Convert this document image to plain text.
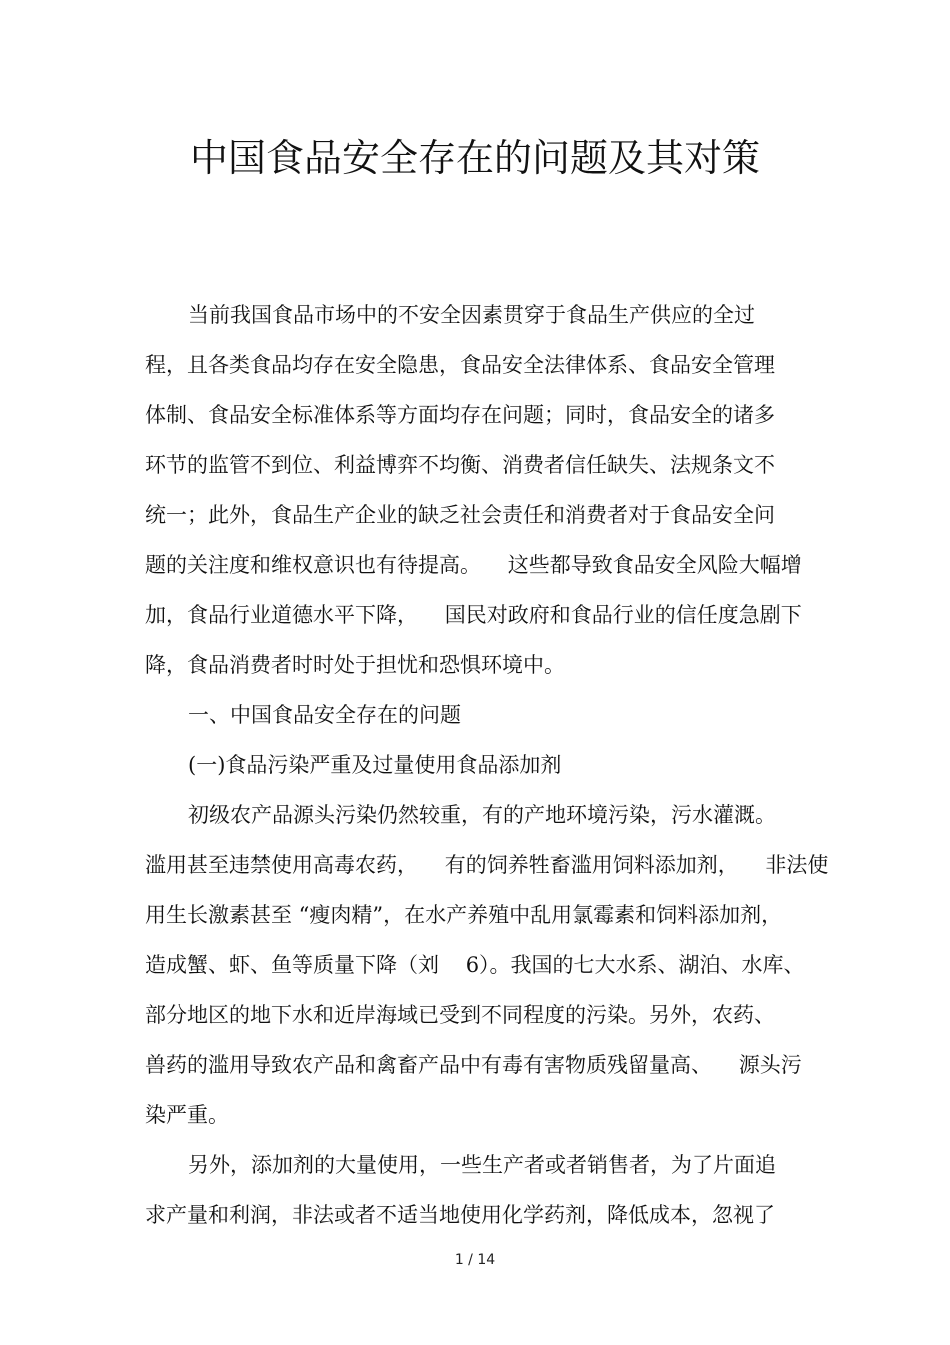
中国食品安全存在的问题及其对策

当前我国食品市场中的不安全因素贯穿于食品生产供应的全过

程，且各类食品均存在安全隐患，食品安全法律体系、食品安全管理

体制、食品安全标准体系等方面均存在问题；同时，食品安全的诸多

环节的监管不到位、利益博弈不均衡、消费者信任缺失、法规条文不

统一；此外，食品生产企业的缺乏社会责任和消费者对于食品安全问

题的关注度和维权意识也有待提高。    这些都导致食品安全风险大幅增

加，食品行业道德水平下降，    国民对政府和食品行业的信任度急剧下

降，食品消费者时时处于担忧和恐惧环境中。

一、中国食品安全存在的问题

(一)食品污染严重及过量使用食品添加剂

初级农产品源头污染仍然较重，有的产地环境污染，污水灌溉。

滥用甚至违禁使用高毒农药，    有的饲养牲畜滥用饲料添加剂，    非法使

用生长激素甚至 “瘦肉精”，在水产养殖中乱用氯霉素和饲料添加剂，

造成蟹、虾、鱼等质量下降（刘    6）。我国的七大水系、湖泊、水库、

部分地区的地下水和近岸海域已受到不同程度的污染。另外，农药、

兽药的滥用导致农产品和禽畜产品中有毒有害物质残留量高、    源头污

染严重。

另外，添加剂的大量使用，一些生产者或者销售者，为了片面追

求产量和利润，非法或者不适当地使用化学药剂，降低成本，忽视了

1 / 14
